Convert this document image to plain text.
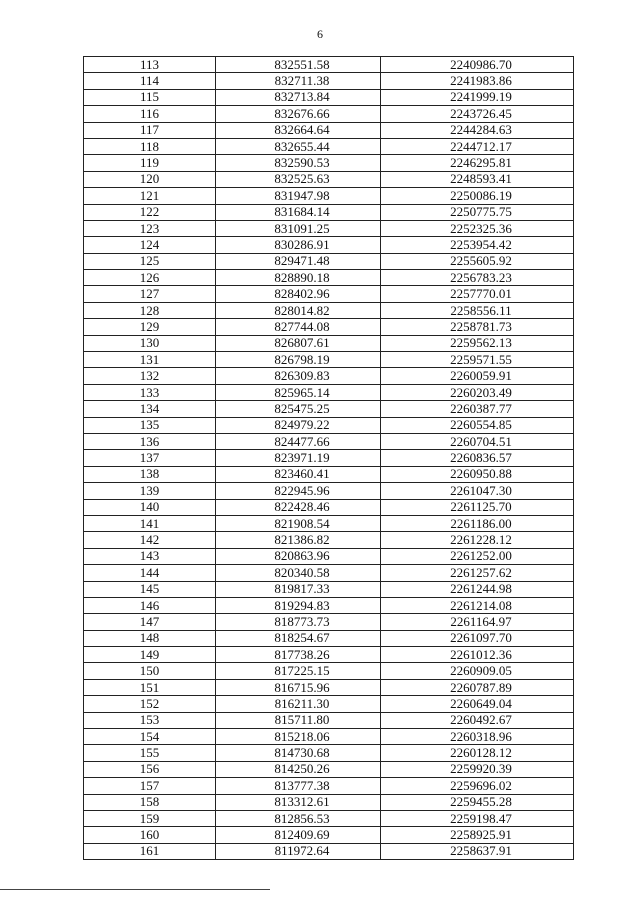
6
113	832551.58	2240986.70
114	832711.38	2241983.86
115	832713.84	2241999.19
116	832676.66	2243726.45
117	832664.64	2244284.63
118	832655.44	2244712.17
119	832590.53	2246295.81
120	832525.63	2248593.41
121	831947.98	2250086.19
122	831684.14	2250775.75
123	831091.25	2252325.36
124	830286.91	2253954.42
125	829471.48	2255605.92
126	828890.18	2256783.23
127	828402.96	2257770.01
128	828014.82	2258556.11
129	827744.08	2258781.73
130	826807.61	2259562.13
131	826798.19	2259571.55
132	826309.83	2260059.91
133	825965.14	2260203.49
134	825475.25	2260387.77
135	824979.22	2260554.85
136	824477.66	2260704.51
137	823971.19	2260836.57
138	823460.41	2260950.88
139	822945.96	2261047.30
140	822428.46	2261125.70
141	821908.54	2261186.00
142	821386.82	2261228.12
143	820863.96	2261252.00
144	820340.58	2261257.62
145	819817.33	2261244.98
146	819294.83	2261214.08
147	818773.73	2261164.97
148	818254.67	2261097.70
149	817738.26	2261012.36
150	817225.15	2260909.05
151	816715.96	2260787.89
152	816211.30	2260649.04
153	815711.80	2260492.67
154	815218.06	2260318.96
155	814730.68	2260128.12
156	814250.26	2259920.39
157	813777.38	2259696.02
158	813312.61	2259455.28
159	812856.53	2259198.47
160	812409.69	2258925.91
161	811972.64	2258637.91
